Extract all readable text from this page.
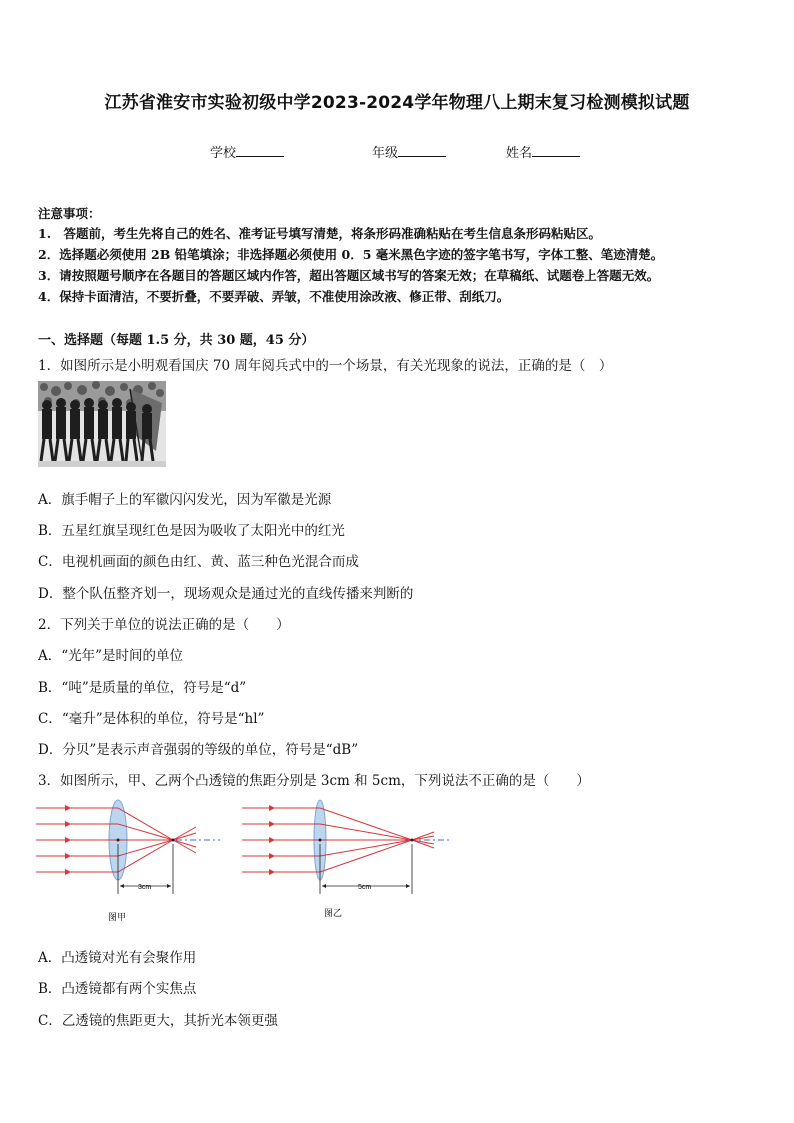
江苏省淮安市实验初级中学2023-2024学年物理八上期末复习检测模拟试题
学校	年级	姓名
注意事项：
1.　答题前，考生先将自己的姓名、准考证号填写清楚，将条形码准确粘贴在考生信息条形码粘贴区。
2．选择题必须使用 2B 铅笔填涂；非选择题必须使用 0．5 毫米黑色字迹的签字笔书写，字体工整、笔迹清楚。
3．请按照题号顺序在各题目的答题区域内作答，超出答题区域书写的答案无效；在草稿纸、试题卷上答题无效。
4．保持卡面清洁，不要折叠，不要弄破、弄皱，不准使用涂改液、修正带、刮纸刀。
一、选择题（每题 1.5 分，共 30 题，45 分）
1．如图所示是小明观看国庆 70 周年阅兵式中的一个场景，有关光现象的说法，正确的是（　）
A．旗手帽子上的军徽闪闪发光，因为军徽是光源
B．五星红旗呈现红色是因为吸收了太阳光中的红光
C．电视机画面的颜色由红、黄、蓝三种色光混合而成
D．整个队伍整齐划一，现场观众是通过光的直线传播来判断的
2．下列关于单位的说法正确的是（　　）
A．“光年”是时间的单位
B．“吨”是质量的单位，符号是“d”
C．“毫升”是体积的单位，符号是“hl”
D．分贝”是表示声音强弱的等级的单位，符号是“dB”
3．如图所示，甲、乙两个凸透镜的焦距分别是 3cm 和 5cm，下列说法不正确的是（　　）
3cm
图甲
5cm
图乙
A．凸透镜对光有会聚作用
B．凸透镜都有两个实焦点
C．乙透镜的焦距更大，其折光本领更强
